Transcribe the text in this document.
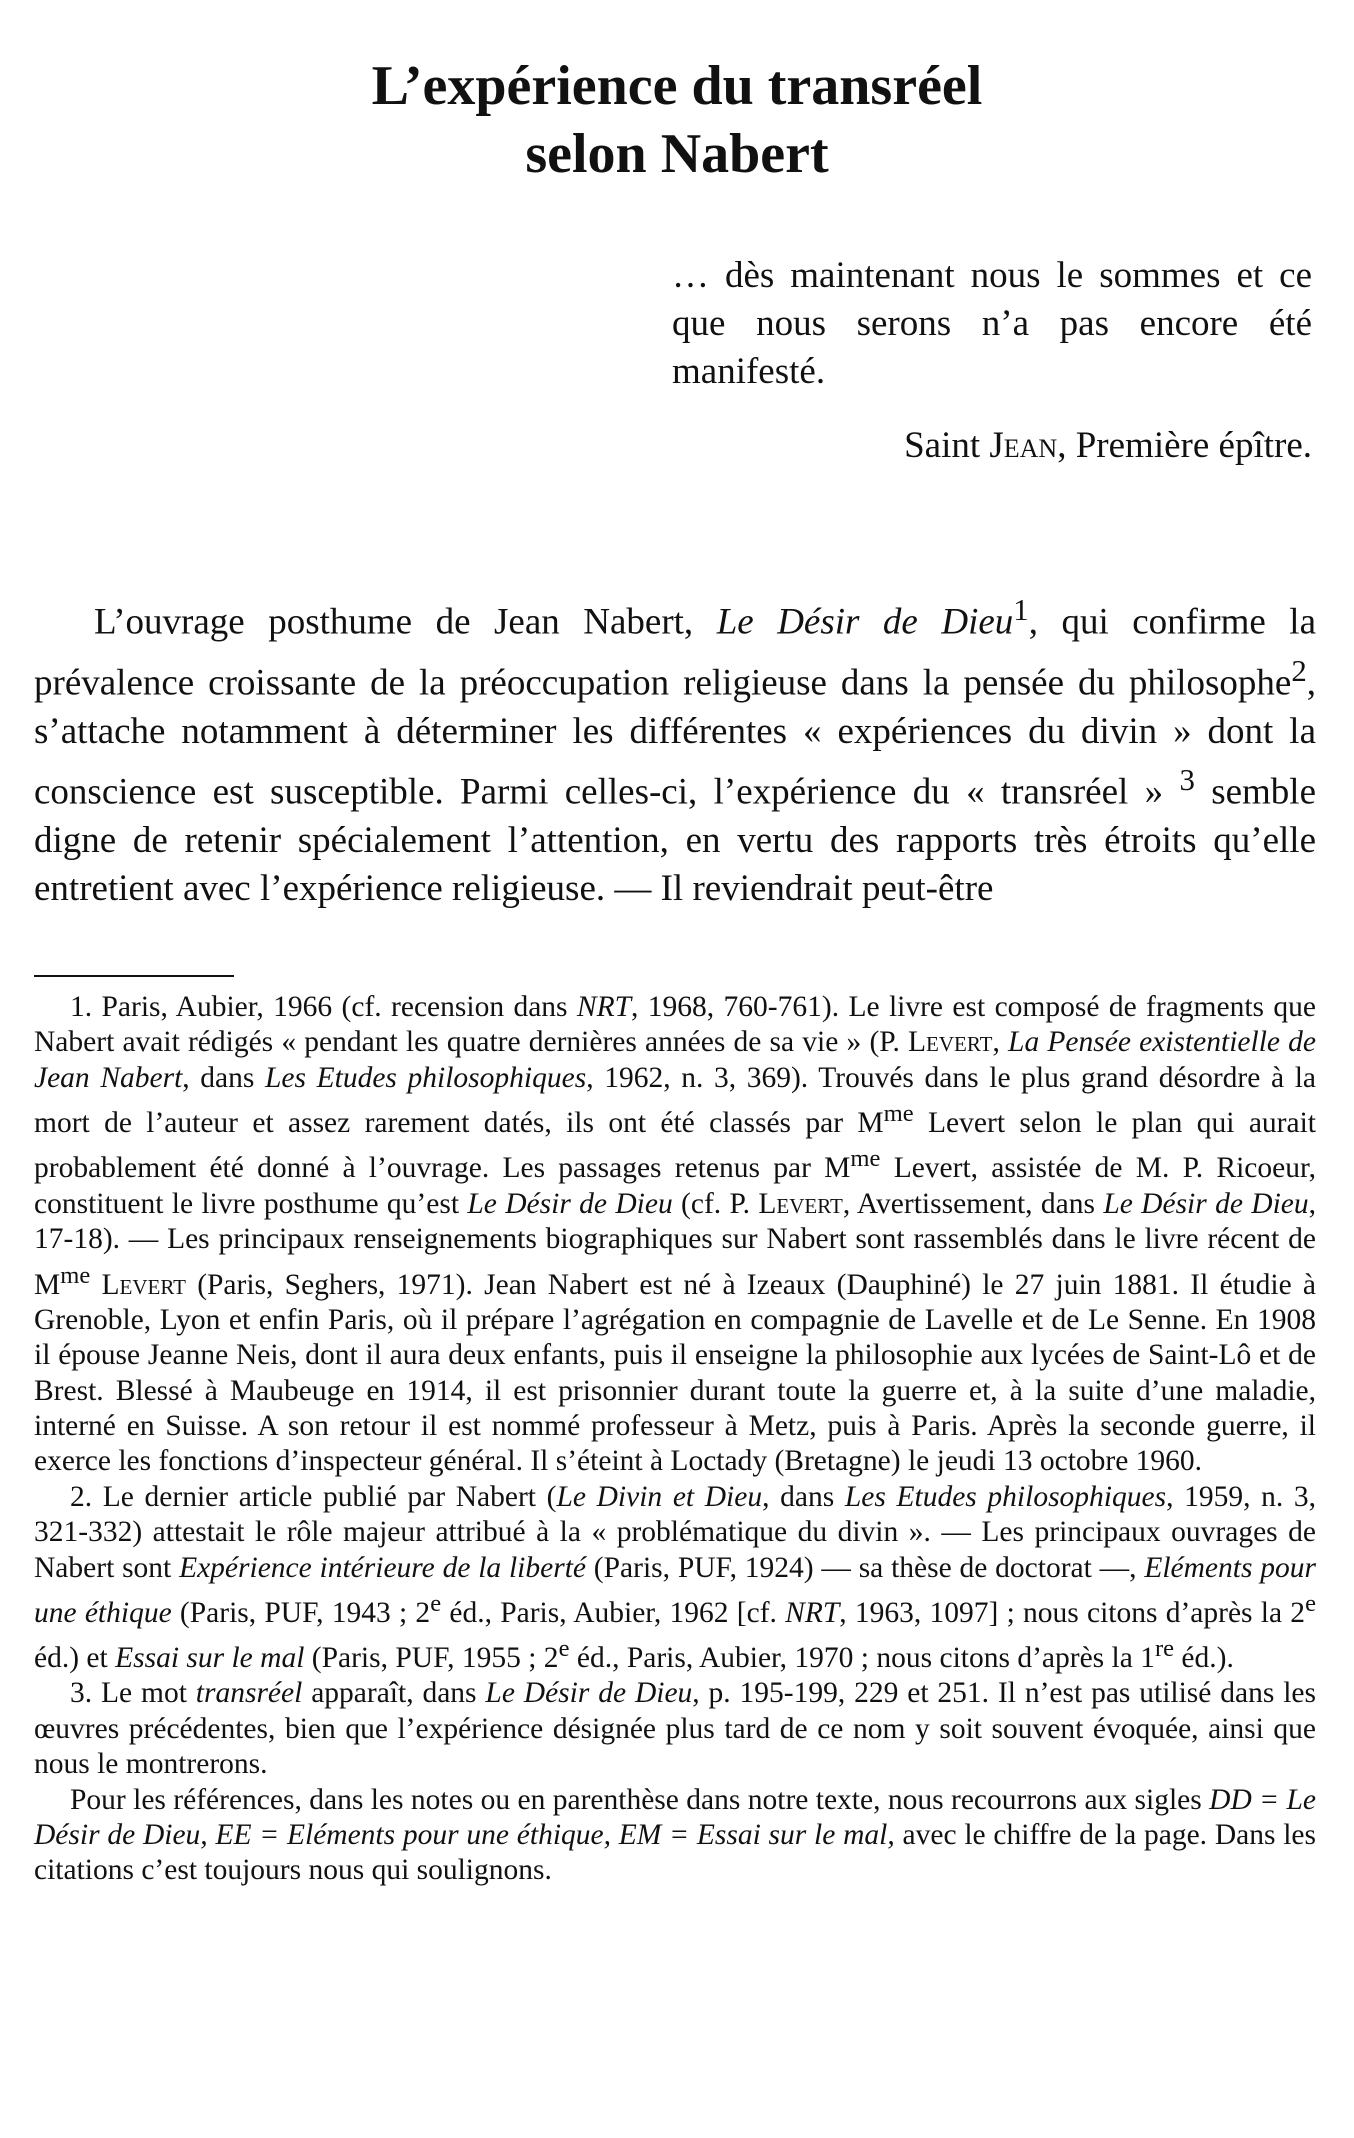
L’expérience du transréel
selon Nabert

… dès maintenant nous le sommes et ce que nous serons n’a pas encore été manifesté.

Saint Jean, Première épître.

L’ouvrage posthume de Jean Nabert, Le Désir de Dieu$^1$, qui confirme la prévalence croissante de la préoccupation religieuse dans la pensée du philosophe$^2$, s’attache notamment à déterminer les différentes « expériences du divin » dont la conscience est susceptible. Parmi celles-ci, l’expérience du « transréel » $^3$ semble digne de retenir spécialement l’attention, en vertu des rapports très étroits qu’elle entretient avec l’expérience religieuse. — Il reviendrait peut-être

1. Paris, Aubier, 1966 (cf. recension dans NRT, 1968, 760-761). Le livre est composé de fragments que Nabert avait rédigés « pendant les quatre dernières années de sa vie » (P. Levert, La Pensée existentielle de Jean Nabert, dans Les Etudes philosophiques, 1962, n. 3, 369). Trouvés dans le plus grand désordre à la mort de l’auteur et assez rarement datés, ils ont été classés par $M^{me}$ Levert selon le plan qui aurait probablement été donné à l’ouvrage. Les passages retenus par $M^{me}$ Levert, assistée de M. P. Ricoeur, constituent le livre posthume qu’est Le Désir de Dieu (cf. P. Levert, Avertissement, dans Le Désir de Dieu, 17-18). — Les principaux renseignements biographiques sur Nabert sont rassemblés dans le livre récent de $M^{me}$ Levert (Paris, Seghers, 1971). Jean Nabert est né à Izeaux (Dauphiné) le 27 juin 1881. Il étudie à Grenoble, Lyon et enfin Paris, où il prépare l’agrégation en compagnie de Lavelle et de Le Senne. En 1908 il épouse Jeanne Neis, dont il aura deux enfants, puis il enseigne la philosophie aux lycées de Saint-Lô et de Brest. Blessé à Maubeuge en 1914, il est prisonnier durant toute la guerre et, à la suite d’une maladie, interné en Suisse. A son retour il est nommé professeur à Metz, puis à Paris. Après la seconde guerre, il exerce les fonctions d’inspecteur général. Il s’éteint à Loctady (Bretagne) le jeudi 13 octobre 1960.

2. Le dernier article publié par Nabert (Le Divin et Dieu, dans Les Etudes philosophiques, 1959, n. 3, 321-332) attestait le rôle majeur attribué à la « problématique du divin ». — Les principaux ouvrages de Nabert sont Expérience intérieure de la liberté (Paris, PUF, 1924) — sa thèse de doctorat —, Eléments pour une éthique (Paris, PUF, 1943 ; 2e éd., Paris, Aubier, 1962 [cf. NRT, 1963, 1097] ; nous citons d’après la 2e éd.) et Essai sur le mal (Paris, PUF, 1955 ; 2e éd., Paris, Aubier, 1970 ; nous citons d’après la 1re éd.).

3. Le mot transréel apparaît, dans Le Désir de Dieu, p. 195-199, 229 et 251. Il n’est pas utilisé dans les œuvres précédentes, bien que l’expérience désignée plus tard de ce nom y soit souvent évoquée, ainsi que nous le montrerons.

Pour les références, dans les notes ou en parenthèse dans notre texte, nous recourrons aux sigles DD = Le Désir de Dieu, EE = Eléments pour une éthique, EM = Essai sur le mal, avec le chiffre de la page. Dans les citations c’est toujours nous qui soulignons.
